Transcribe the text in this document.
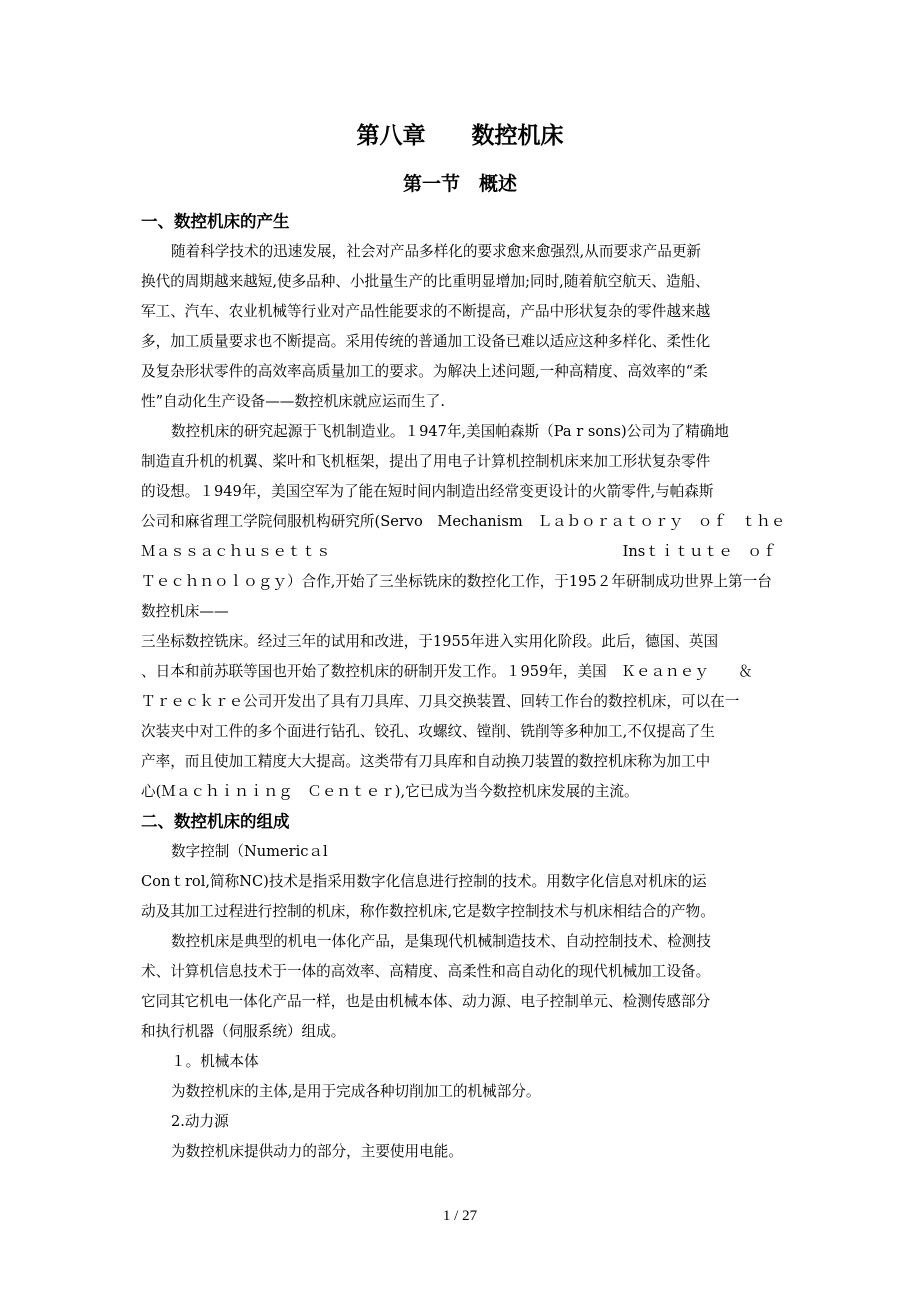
第八章　　数控机床
第一节　概述
一、数控机床的产生
随着科学技术的迅速发展，社会对产品多样化的要求愈来愈强烈,从而要求产品更新
换代的周期越来越短,使多品种、小批量生产的比重明显增加;同时,随着航空航天、造船、
军工、汽车、农业机械等行业对产品性能要求的不断提高，产品中形状复杂的零件越来越
多，加工质量要求也不断提高。采用传统的普通加工设备已难以适应这种多样化、柔性化
及复杂形状零件的高效率高质量加工的要求。为解决上述问题,一种高精度、高效率的“柔
性”自动化生产设备——数控机床就应运而生了.
数控机床的研究起源于飞机制造业。１947年,美国帕森斯（Pa r sons)公司为了精确地
制造直升机的机翼、桨叶和飞机框架，提出了用电子计算机控制机床来加工形状复杂零件
的设想。１949年，美国空军为了能在短时间内制造出经常变更设计的火箭零件,与帕森斯
公司和麻省理工学院伺服机构研究所(Servo　Mechanism　Ｌａｂｏｒａｔｏｒｙ　ｏｆ　ｔｈｅ
Ｍａｓｓａｃｈｕｓｅｔｔｓ　　　　　　　　　　　　　　　　　　　　Insｔｉｔｕｔｅ　ｏｆ
Ｔｅｃｈｎｏｌｏｇｙ）合作,开始了三坐标铣床的数控化工作，于195２年研制成功世界上第一台
数控机床——
三坐标数控铣床。经过三年的试用和改进，于1955年进入实用化阶段。此后，德国、英国
、日本和前苏联等国也开始了数控机床的研制开发工作。１959年，美国　Ｋｅａｎｅｙ　　＆
Ｔｒｅｃｋｒｅ公司开发出了具有刀具库、刀具交换装置、回转工作台的数控机床，可以在一
次装夹中对工件的多个面进行钻孔、铰孔、攻螺纹、镗削、铣削等多种加工,不仅提高了生
产率，而且使加工精度大大提高。这类带有刀具库和自动换刀装置的数控机床称为加工中
心(Ｍａｃｈｉｎｉｎｇ　Ｃｅｎｔｅｒ),它已成为当今数控机床发展的主流。
二、数控机床的组成
数字控制（Numericａl
Conｔrol,简称NC)技术是指采用数字化信息进行控制的技术。用数字化信息对机床的运
动及其加工过程进行控制的机床，称作数控机床,它是数字控制技术与机床相结合的产物。
数控机床是典型的机电一体化产品，是集现代机械制造技术、自动控制技术、检测技
术、计算机信息技术于一体的高效率、高精度、高柔性和高自动化的现代机械加工设备。
它同其它机电一体化产品一样，也是由机械本体、动力源、电子控制单元、检测传感部分
和执行机器（伺服系统）组成。
１。机械本体
为数控机床的主体,是用于完成各种切削加工的机械部分。
2.动力源
为数控机床提供动力的部分，主要使用电能。
1 / 27
